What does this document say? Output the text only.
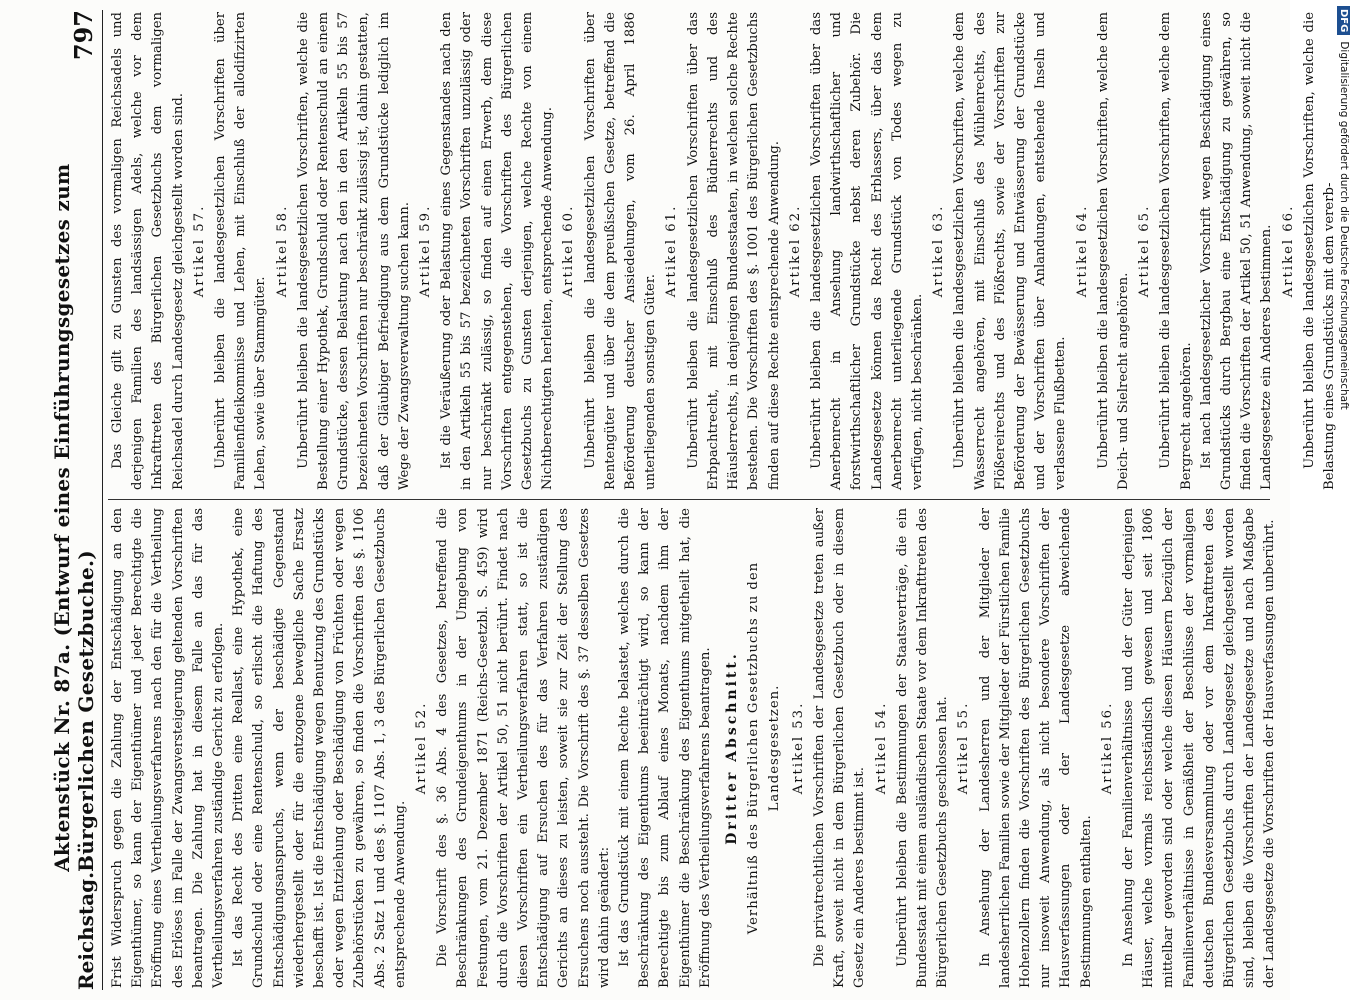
Reichstag.
Aktenstück Nr. 87a. (Entwurf eines Einführungsgesetzes zum Bürgerlichen Gesetzbuche.)
797

Frist Widerspruch gegen die Zahlung der Entschädigung an den Eigenthümer, so kann der Eigenthümer und jeder Berechtigte die Eröffnung eines Vertheilungsverfahrens nach den für die Vertheilung des Erlöses im Falle der Zwangsversteigerung geltenden Vorschriften beantragen. Die Zahlung hat in diesem Falle an das für das Vertheilungsverfahren zuständige Gericht zu erfolgen. Ist das Recht des Dritten eine Reallast, eine Hypothek, eine Grundschuld oder eine Rentenschuld, so erlischt die Haftung des Entschädigungsanspruchs, wenn der beschädigte Gegenstand wiederhergestellt oder für die entzogene bewegliche Sache Ersatz beschafft ist. Ist die Entschädigung wegen Benutzung des Grundstücks oder wegen Entziehung oder Beschädigung von Früchten oder wegen Zubehörstücken zu gewähren, so finden die Vorschriften des §. 1106 Abs. 2 Satz 1 und des §. 1107 Abs. 1, 3 des Bürgerlichen Gesetzbuchs entsprechende Anwendung.

Artikel 52. Die Vorschrift des §. 36 Abs. 4 des Gesetzes, betreffend die Beschränkungen des Grundeigenthums in der Umgebung von Festungen, vom 21. Dezember 1871 (Reichs-Gesetzbl. S. 459) wird durch die Vorschriften der Artikel 50, 51 nicht berührt. Findet nach diesen Vorschriften ein Vertheilungsverfahren statt, so ist die Entschädigung auf Ersuchen des für das Verfahren zuständigen Gerichts an dieses zu leisten, soweit sie zur Zeit der Stellung des Ersuchens noch aussteht. Die Vorschrift des §. 37 desselben Gesetzes wird dahin geändert: Ist das Grundstück mit einem Rechte belastet, welches durch die Beschränkung des Eigenthums beeinträchtigt wird, so kann der Berechtigte bis zum Ablauf eines Monats, nachdem ihm der Eigenthümer die Beschränkung des Eigenthums mitgetheilt hat, die Eröffnung des Vertheilungsverfahrens beantragen. Dritter Abschnitt. Verhältniß des Bürgerlichen Gesetzbuchs zu den Landesgesetzen. Artikel 53. Die privatrechtlichen Vorschriften der Landesgesetze treten außer Kraft, soweit nicht in dem Bürgerlichen Gesetzbuch oder in diesem Gesetz ein Anderes bestimmt ist.

Artikel 54. Unberührt bleiben die Bestimmungen der Staatsverträge, die ein Bundesstaat mit einem ausländischen Staate vor dem Inkrafttreten des Bürgerlichen Gesetzbuchs geschlossen hat. Artikel 55. In Ansehung der Landesherren und der Mitglieder der landesherrlichen Familien sowie der Mitglieder der Fürstlichen Familie Hohenzollern finden die Vorschriften des Bürgerlichen Gesetzbuchs nur insoweit Anwendung, als nicht besondere Vorschriften der Hausverfassungen oder der Landesgesetze abweichende Bestimmungen enthalten.

Artikel 56. In Ansehung der Familienverhältnisse und der Güter derjenigen Häuser, welche vormals reichsständisch gewesen und seit 1806 mittelbar geworden sind oder welche diesen Häusern bezüglich der Familienverhältnisse in Gemäßheit der Beschlüsse der vormaligen deutschen Bundesversammlung oder vor dem Inkrafttreten des Bürgerlichen Gesetzbuchs durch Landesgesetz gleichgestellt worden sind, bleiben die Vorschriften der Landesgesetze und nach Maßgabe der Landesgesetze die Vorschriften der Hausverfassungen unberührt.

Das Gleiche gilt zu Gunsten des vormaligen Reichsadels und derjenigen Familien des landsässigen Adels, welche vor dem Inkrafttreten des Bürgerlichen Gesetzbuchs dem vormaligen Reichsadel durch Landesgesetz gleichgestellt worden sind. Artikel 57. Unberührt bleiben die landesgesetzlichen Vorschriften über Familienfideikommisse und Lehen, mit Einschluß der allodifizirten Lehen, sowie über Stammgüter.

Artikel 58. Unberührt bleiben die landesgesetzlichen Vorschriften, welche die Bestellung einer Hypothek, Grundschuld oder Rentenschuld an einem Grundstücke, dessen Belastung nach den in den Artikeln 55 bis 57 bezeichneten Vorschriften nur beschränkt zulässig ist, dahin gestatten, daß der Gläubiger Befriedigung aus dem Grundstücke lediglich im Wege der Zwangsverwaltung suchen kann. Artikel 59. Ist die Veräußerung oder Belastung eines Gegenstandes nach den in den Artikeln 55 bis 57 bezeichneten Vorschriften unzulässig oder nur beschränkt zulässig, so finden auf einen Erwerb, dem diese Vorschriften entgegenstehen, die Vorschriften des Bürgerlichen Gesetzbuchs zu Gunsten derjenigen, welche Rechte von einem Nichtberechtigten herleiten, entsprechende Anwendung. Artikel 60. Unberührt bleiben die landesgesetzlichen Vorschriften über Rentengüter und über die dem preußischen Gesetze, betreffend die Beförderung deutscher Ansiedelungen, vom 26. April 1886 unterliegenden sonstigen Güter.

Artikel 61. Unberührt bleiben die landesgesetzlichen Vorschriften über das Erbpachtrecht, mit Einschluß des Büdnerrechts und des Häuslerrechts, in denjenigen Bundesstaaten, in welchen solche Rechte bestehen. Die Vorschriften des §. 1001 des Bürgerlichen Gesetzbuchs finden auf diese Rechte entsprechende Anwendung. Artikel 62. Unberührt bleiben die landesgesetzlichen Vorschriften über das Anerbenrecht in Ansehung landwirthschaftlicher und forstwirthschaftlicher Grundstücke nebst deren Zubehör. Die Landesgesetze können das Recht des Erblassers, über das dem Anerbenrecht unterliegende Grundstück von Todes wegen zu verfügen, nicht beschränken.

Artikel 63. Unberührt bleiben die landesgesetzlichen Vorschriften, welche dem Wasserrecht angehören, mit Einschluß des Mühlenrechts, des Flößereirechts und des Flößrechts, sowie der Vorschriften zur Beförderung der Bewässerung und Entwässerung der Grundstücke und der Vorschriften über Anlandungen, entstehende Inseln und verlassene Flußbetten.

Artikel 64. Unberührt bleiben die landesgesetzlichen Vorschriften, welche dem Deich- und Sielrecht angehören.

Artikel 65. Unberührt bleiben die landesgesetzlichen Vorschriften, welche dem Bergrecht angehören. Ist nach landesgesetzlicher Vorschrift wegen Beschädigung eines Grundstücks durch Bergbau eine Entschädigung zu gewähren, so finden die Vorschriften der Artikel 50, 51 Anwendung, soweit nicht die Landesgesetze ein Anderes bestimmen. Artikel 66. Unberührt bleiben die landesgesetzlichen Vorschriften, welche die Belastung eines Grundstücks mit dem vererb-

DFG
Digitalisierung gefördert durch die Deutsche Forschungsgemeinschaft
